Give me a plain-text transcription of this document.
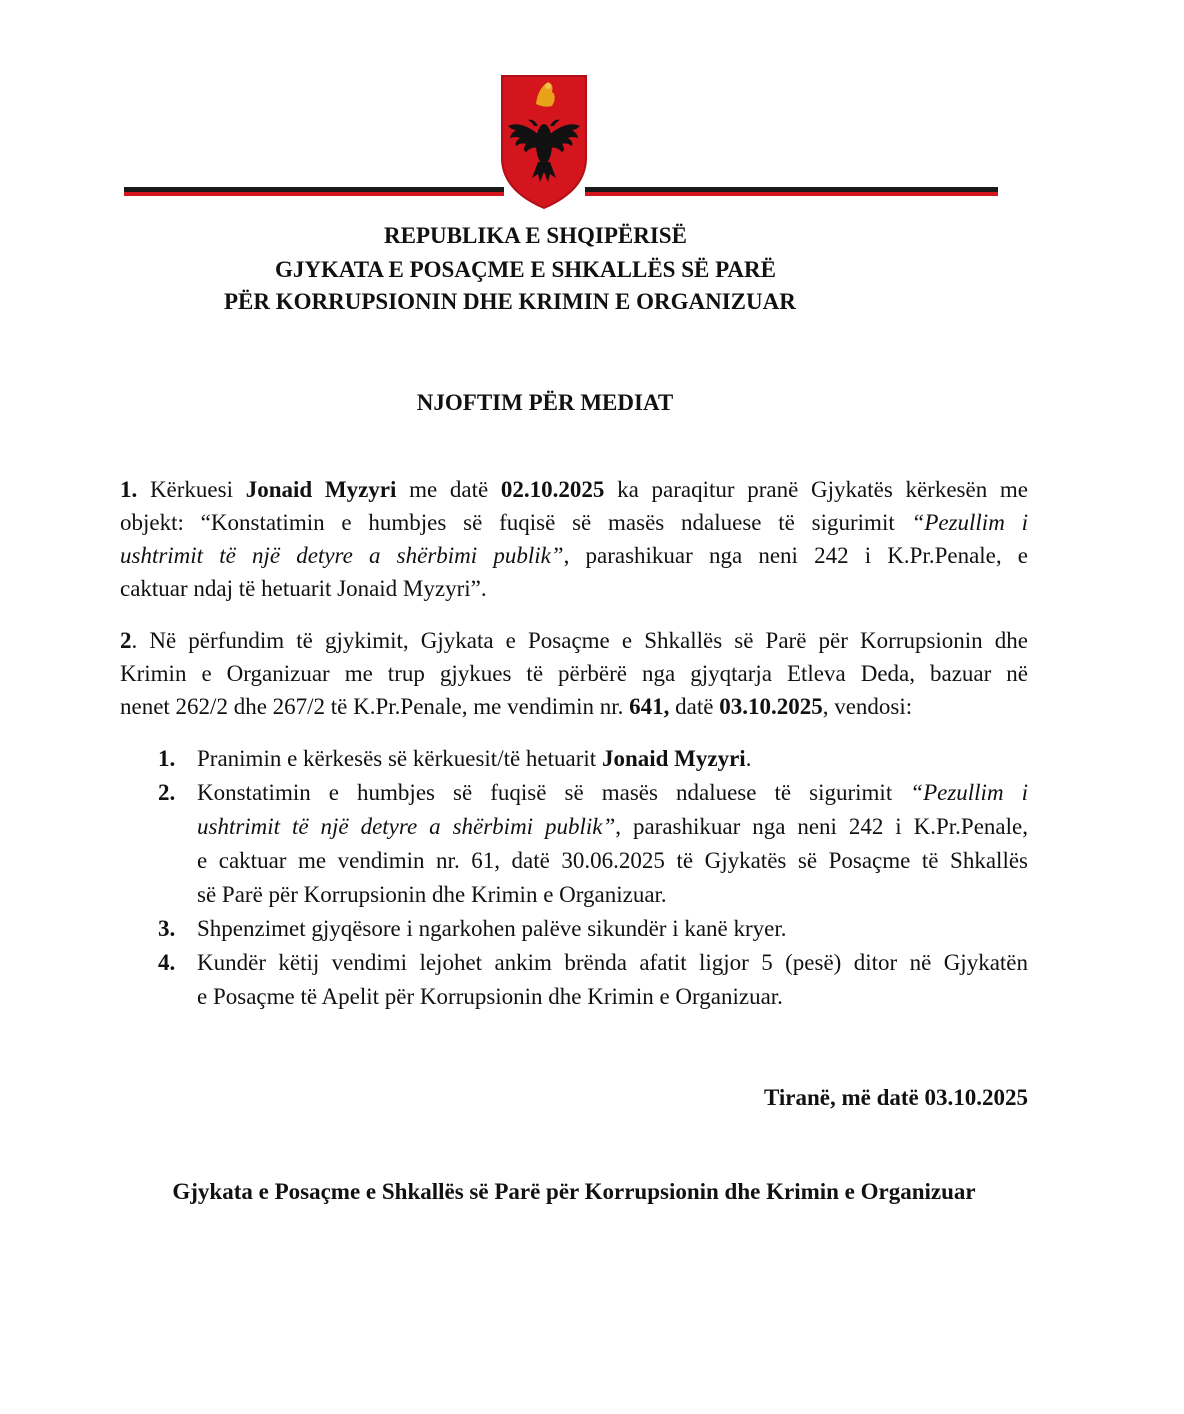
REPUBLIKA E SHQIPËRISË
GJYKATA E POSAÇME E SHKALLËS SË PARË
PËR KORRUPSIONIN DHE KRIMIN E ORGANIZUAR
NJOFTIM PËR MEDIAT
1. Kërkuesi Jonaid Myzyri me datë 02.10.2025 ka paraqitur pranë Gjykatës kërkesën me
objekt: “Konstatimin e humbjes së fuqisë së masës ndaluese të sigurimit “Pezullim i
ushtrimit të një detyre a shërbimi publik”, parashikuar nga neni 242 i K.Pr.Penale, e
caktuar ndaj të hetuarit Jonaid Myzyri”.
2. Në përfundim të gjykimit, Gjykata e Posaçme e Shkallës së Parë për Korrupsionin dhe
Krimin e Organizuar me trup gjykues të përbërë nga gjyqtarja Etleva Deda, bazuar në
nenet 262/2 dhe 267/2 të K.Pr.Penale, me vendimin nr. 641, datë 03.10.2025, vendosi:
1. Pranimin e kërkesës së kërkuesit/të hetuarit Jonaid Myzyri.
2. Konstatimin e humbjes së fuqisë së masës ndaluese të sigurimit “Pezullim i
ushtrimit të një detyre a shërbimi publik”, parashikuar nga neni 242 i K.Pr.Penale,
e caktuar me vendimin nr. 61, datë 30.06.2025 të Gjykatës së Posaçme të Shkallës
së Parë për Korrupsionin dhe Krimin e Organizuar.
3. Shpenzimet gjyqësore i ngarkohen palëve sikundër i kanë kryer.
4. Kundër këtij vendimi lejohet ankim brënda afatit ligjor 5 (pesë) ditor në Gjykatën
e Posaçme të Apelit për Korrupsionin dhe Krimin e Organizuar.
Tiranë, më datë 03.10.2025
Gjykata e Posaçme e Shkallës së Parë për Korrupsionin dhe Krimin e Organizuar
